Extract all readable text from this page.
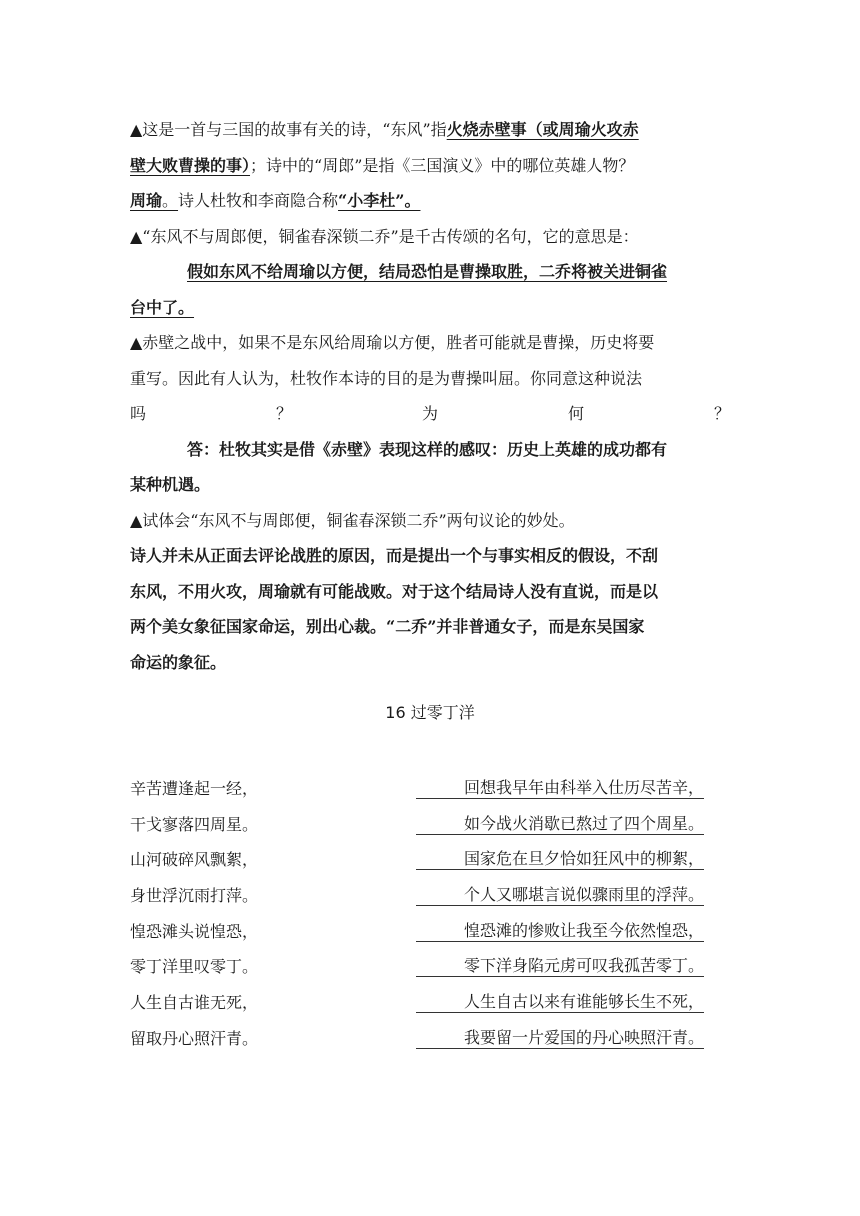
▲这是一首与三国的故事有关的诗，“东风”指火烧赤壁事（或周瑜火攻赤
壁大败曹操的事）；诗中的“周郎”是指《三国演义》中的哪位英雄人物？
周瑜。诗人杜牧和李商隐合称“小李杜”。
▲“东风不与周郎便，铜雀春深锁二乔”是千古传颂的名句，它的意思是：
假如东风不给周瑜以方便，结局恐怕是曹操取胜，二乔将被关进铜雀
台中了。
▲赤壁之战中，如果不是东风给周瑜以方便，胜者可能就是曹操，历史将要
重写。因此有人认为，杜牧作本诗的目的是为曹操叫屈。你同意这种说法
吗	？	为	何	？
答：杜牧其实是借《赤壁》表现这样的感叹：历史上英雄的成功都有
某种机遇。
▲试体会“东风不与周郎便，铜雀春深锁二乔”两句议论的妙处。
诗人并未从正面去评论战胜的原因，而是提出一个与事实相反的假设，不刮
东风，不用火攻，周瑜就有可能战败。对于这个结局诗人没有直说，而是以
两个美女象征国家命运，别出心裁。“二乔”并非普通女子，而是东吴国家
命运的象征。
16 过零丁洋
辛苦遭逢起一经，	回想我早年由科举入仕历尽苦辛，
干戈寥落四周星。	如今战火消歇已熬过了四个周星。
山河破碎风飘絮，	国家危在旦夕恰如狂风中的柳絮，
身世浮沉雨打萍。	个人又哪堪言说似骤雨里的浮萍。
惶恐滩头说惶恐，	惶恐滩的惨败让我至今依然惶恐，
零丁洋里叹零丁。	零下洋身陷元虏可叹我孤苦零丁。
人生自古谁无死，	人生自古以来有谁能够长生不死，
留取丹心照汗青。	我要留一片爱国的丹心映照汗青。
